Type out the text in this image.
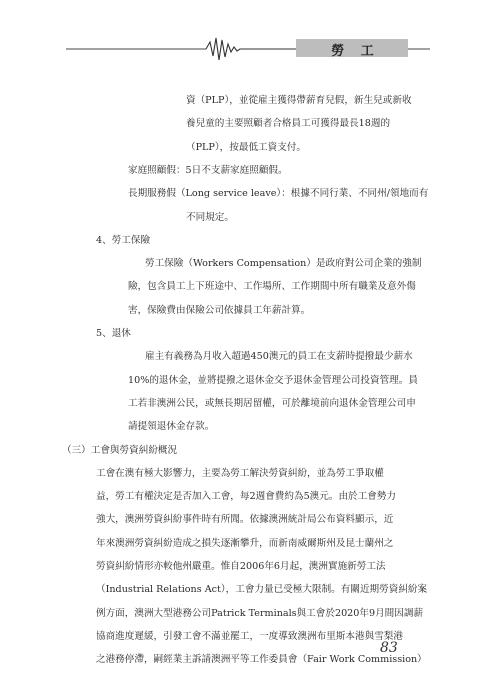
勞 工
資（PLP），並從雇主獲得帶薪育兒假，新生兒或新收
養兒童的主要照顧者合格員工可獲得最長18週的
（PLP），按最低工資支付。
家庭照顧假：5日不支薪家庭照顧假。
長期服務假（Long service leave）：根據不同行業、不同州/領地而有
不同規定。
4、勞工保險
勞工保險（Workers Compensation）是政府對公司企業的強制
險，包含員工上下班途中、工作場所、工作期間中所有職業及意外傷
害，保險費由保險公司依據員工年薪計算。
5、退休
雇主有義務為月收入超過450澳元的員工在支薪時提撥最少薪水
10%的退休金，並將提撥之退休金交予退休金管理公司投資管理。員
工若非澳洲公民，或無長期居留權，可於離境前向退休金管理公司申
請提領退休金存款。
（三）工會與勞資糾紛概況
工會在澳有極大影響力，主要為勞工解決勞資糾紛，並為勞工爭取權
益，勞工有權決定是否加入工會，每2週會費約為5澳元。由於工會勢力
強大，澳洲勞資糾紛事件時有所聞。依據澳洲統計局公布資料顯示，近
年來澳洲勞資糾紛造成之損失逐漸攀升，而新南威爾斯州及昆士蘭州之
勞資糾紛情形亦較他州嚴重。惟自2006年6月起，澳洲實施新勞工法
（Industrial Relations Act），工會力量已受極大限制。有關近期勞資糾紛案
例方面，澳洲大型港務公司Patrick Terminals與工會於2020年9月間因調薪
協商進度遲緩，引發工會不滿並罷工，一度導致澳洲布里斯本港與雪梨港
之港務停滯，嗣經業主訴請澳洲平等工作委員會（Fair Work Commission）
83
